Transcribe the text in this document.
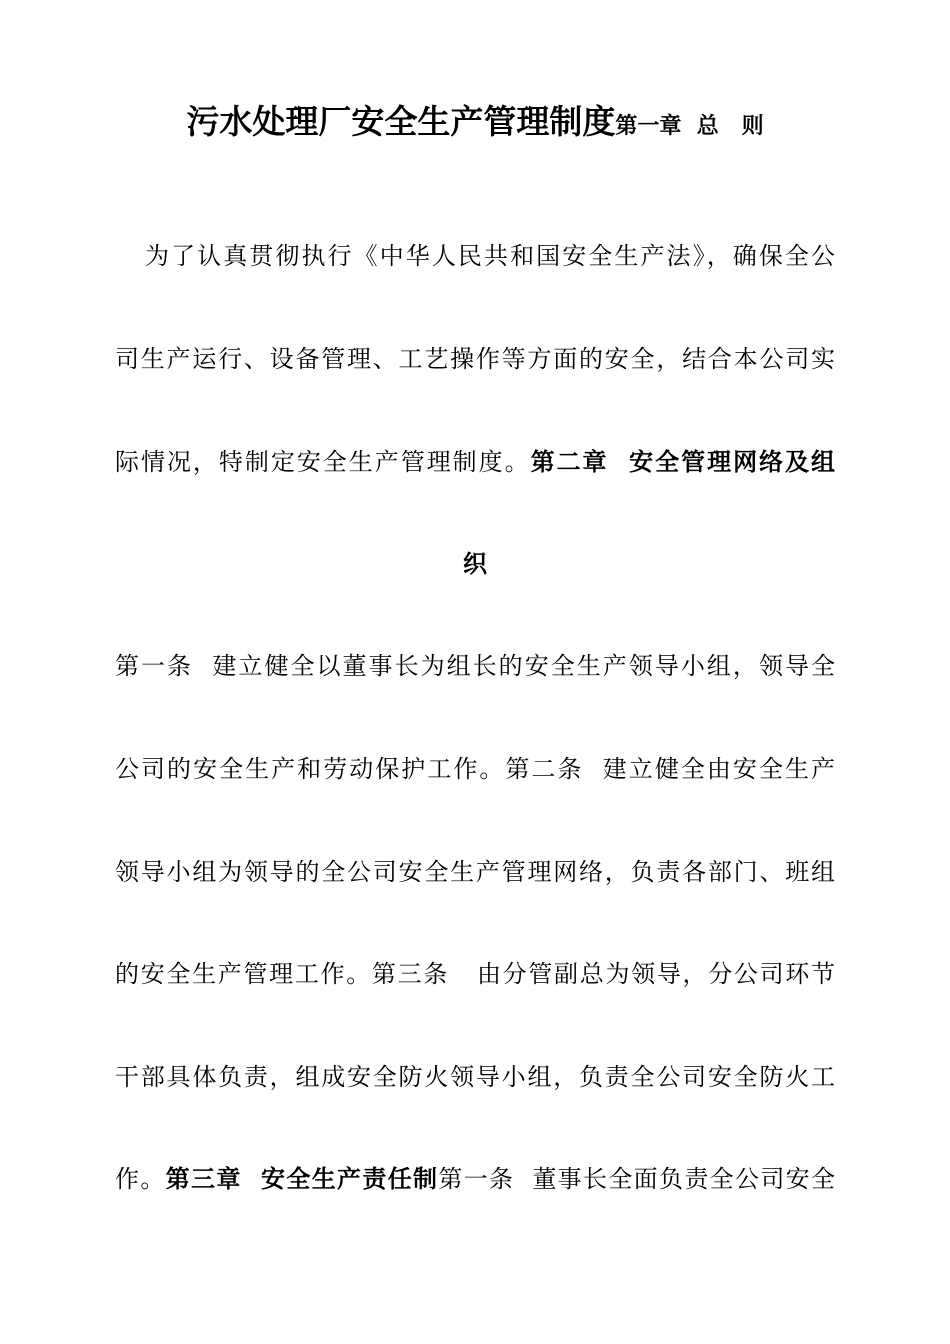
污水处理厂安全生产管理制度第一章  总   则
为了认真贯彻执行《中华人民共和国安全生产法》，确保全公
司生产运行、设备管理、工艺操作等方面的安全，结合本公司实
际情况，特制定安全生产管理制度。第二章  安全管理网络及组
织
第一条  建立健全以董事长为组长的安全生产领导小组，领导全
公司的安全生产和劳动保护工作。第二条  建立健全由安全生产
领导小组为领导的全公司安全生产管理网络，负责各部门、班组
的安全生产管理工作。第三条   由分管副总为领导，分公司环节
干部具体负责，组成安全防火领导小组，负责全公司安全防火工
作。第三章  安全生产责任制第一条  董事长全面负责全公司安全
